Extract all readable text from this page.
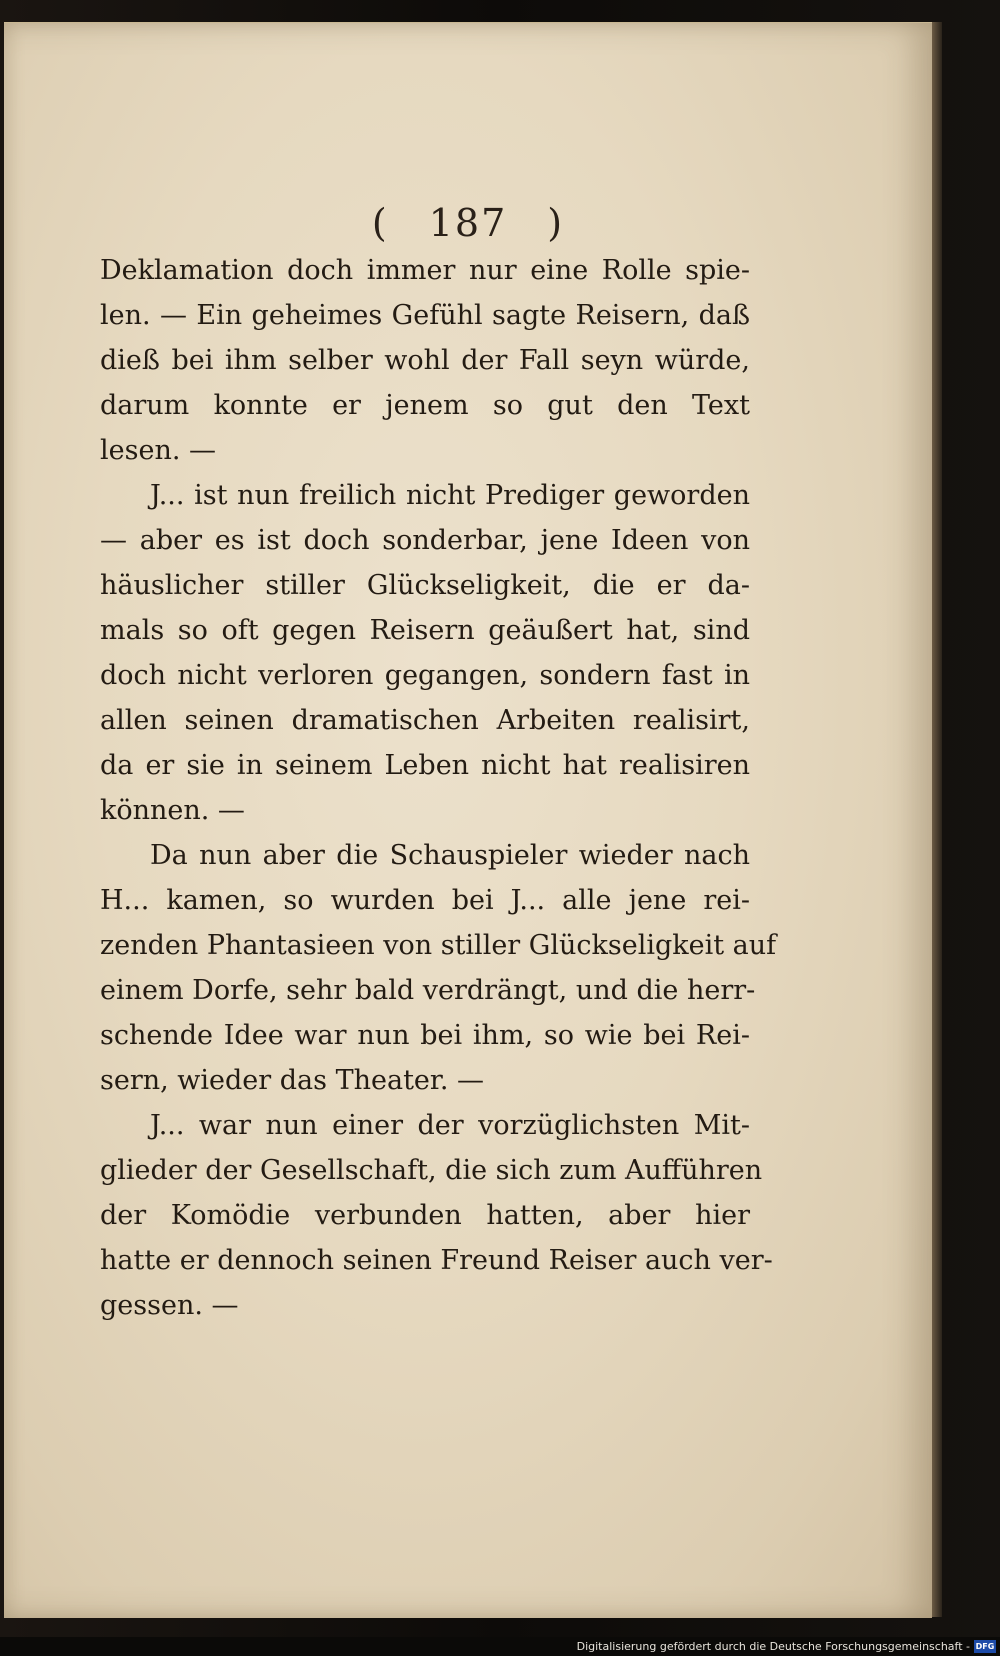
( 187 )
Deklamation doch immer nur eine Rolle spie-
len. — Ein geheimes Gefühl sagte Reisern, daß
dieß bei ihm selber wohl der Fall seyn würde,
darum konnte er jenem so gut den Text
lesen. —
J... ist nun freilich nicht Prediger geworden
— aber es ist doch sonderbar, jene Ideen von
häuslicher stiller Glückseligkeit, die er da-
mals so oft gegen Reisern geäußert hat, sind
doch nicht verloren gegangen, sondern fast in
allen seinen dramatischen Arbeiten realisirt,
da er sie in seinem Leben nicht hat realisiren
können. —
Da nun aber die Schauspieler wieder nach
H... kamen, so wurden bei J... alle jene rei-
zenden Phantasieen von stiller Glückseligkeit auf
einem Dorfe, sehr bald verdrängt, und die herr-
schende Idee war nun bei ihm, so wie bei Rei-
sern, wieder das Theater. —
J... war nun einer der vorzüglichsten Mit-
glieder der Gesellschaft, die sich zum Aufführen
der Komödie verbunden hatten, aber hier
hatte er dennoch seinen Freund Reiser auch ver-
gessen. —
Digitalisierung gefördert durch die Deutsche Forschungsgemeinschaft - DFG
